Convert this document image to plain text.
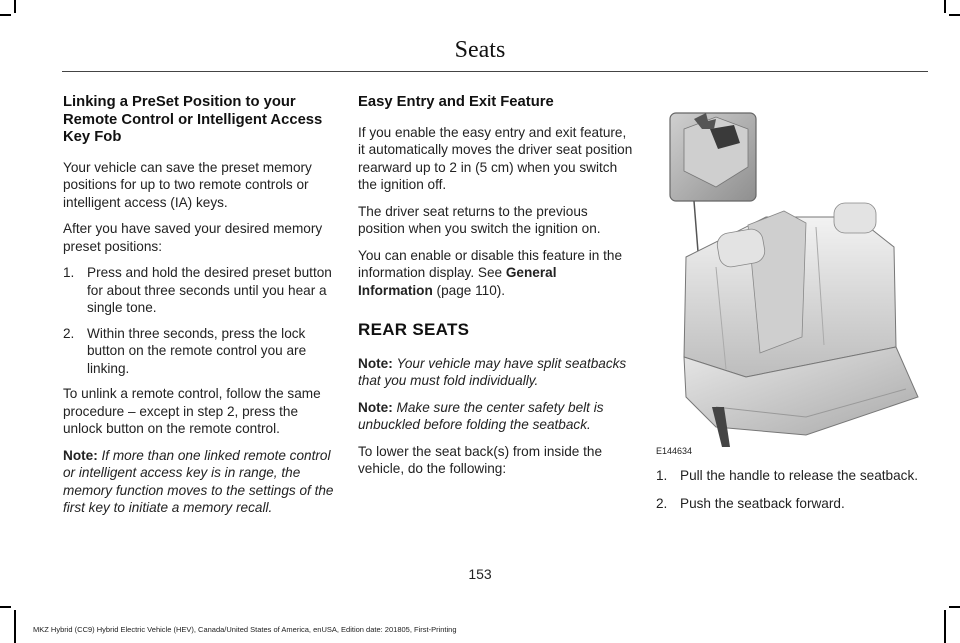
Seats
Linking a PreSet Position to your Remote Control or Intelligent Access Key Fob

Your vehicle can save the preset memory positions for up to two remote controls or intelligent access (IA) keys.

After you have saved your desired memory preset positions:

1. Press and hold the desired preset button for about three seconds until you hear a single tone.
2. Within three seconds, press the lock button on the remote control you are linking.

To unlink a remote control, follow the same procedure – except in step 2, press the unlock button on the remote control.

Note: If more than one linked remote control or intelligent access key is in range, the memory function moves to the settings of the first key to initiate a memory recall.

Easy Entry and Exit Feature

If you enable the easy entry and exit feature, it automatically moves the driver seat position rearward up to 2 in (5 cm) when you switch the ignition off.

The driver seat returns to the previous position when you switch the ignition on.

You can enable or disable this feature in the information display. See General Information (page 110).

REAR SEATS

Note: Your vehicle may have split seatbacks that you must fold individually.

Note: Make sure the center safety belt is unbuckled before folding the seatback.

To lower the seat back(s) from inside the vehicle, do the following:

E144634
1. Pull the handle to release the seatback.
2. Push the seatback forward.
153
MKZ Hybrid (CC9) Hybrid Electric Vehicle (HEV), Canada/United States of America, enUSA, Edition date: 201805, First-Printing
